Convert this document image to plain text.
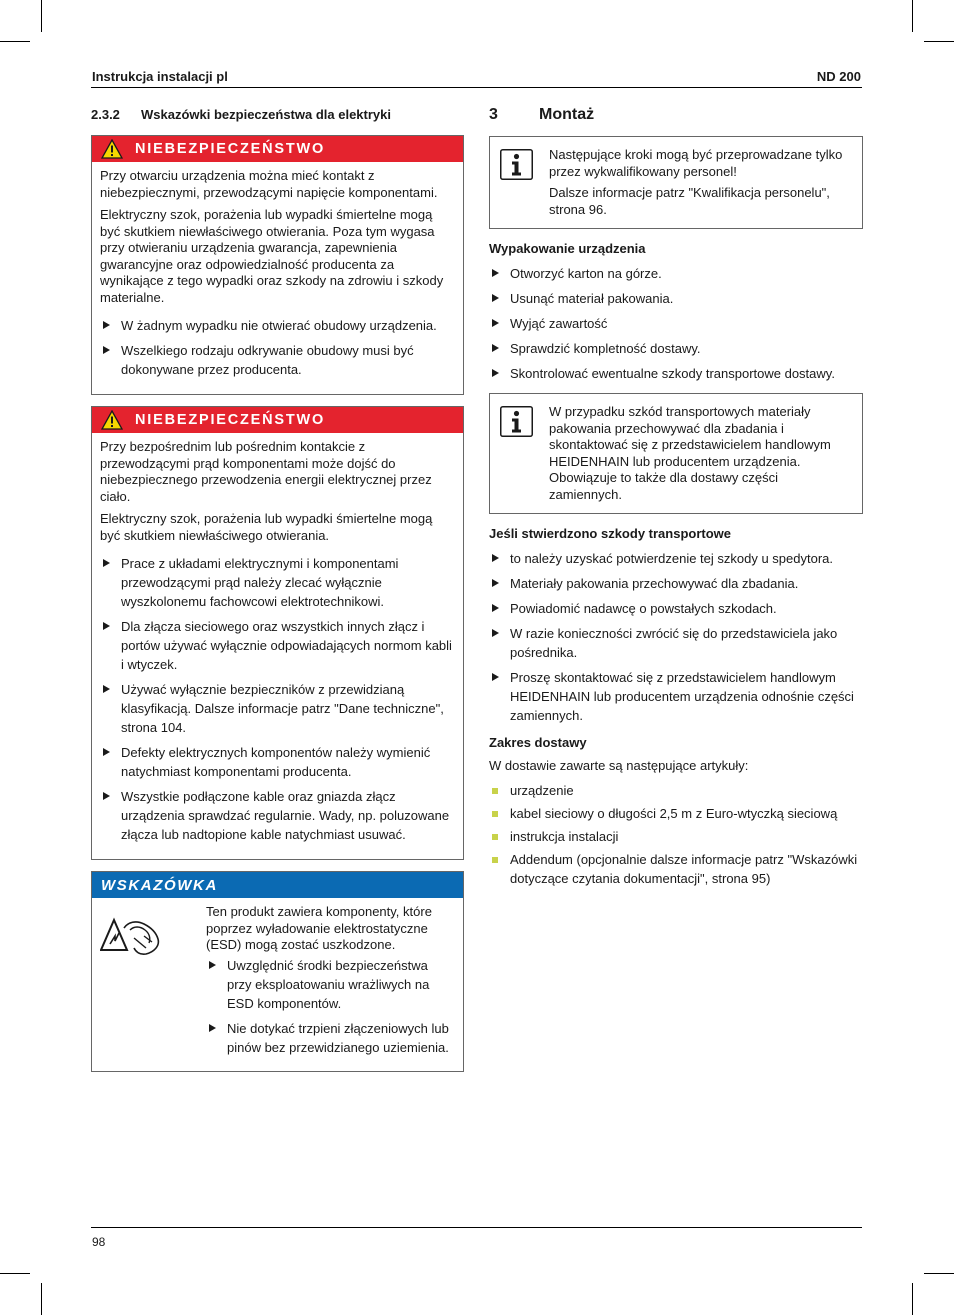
Instrukcja instalacji pl	ND 200
2.3.2 Wskazówki bezpieczeństwa dla elektryki
NIEBEZPIECZEŃSTWO

Przy otwarciu urządzenia można mieć kontakt z niebezpiecznymi, przewodzącymi napięcie komponentami.

Elektryczny szok, porażenia lub wypadki śmiertelne mogą być skutkiem niewłaściwego otwierania. Poza tym wygasa przy otwieraniu urządzenia gwarancja, zapewnienia gwarancyjne oraz odpowiedzialność producenta za wynikające z tego wypadki oraz szkody na zdrowiu i szkody materialne.

W żadnym wypadku nie otwierać obudowy urządzenia.
Wszelkiego rodzaju odkrywanie obudowy musi być dokonywane przez producenta.
NIEBEZPIECZEŃSTWO

Przy bezpośrednim lub pośrednim kontakcie z przewodzącymi prąd komponentami może dojść do niebezpiecznego przewodzenia energii elektrycznej przez ciało.

Elektryczny szok, porażenia lub wypadki śmiertelne mogą być skutkiem niewłaściwego otwierania.

Prace z układami elektrycznymi i komponentami przewodzącymi prąd należy zlecać wyłącznie wyszkolonemu fachowcowi elektrotechnikowi.
Dla złącza sieciowego oraz wszystkich innych złącz i portów używać wyłącznie odpowiadających normom kabli i wtyczek.
Używać wyłącznie bezpieczników z przewidzianą klasyfikacją. Dalsze informacje patrz "Dane techniczne", strona 104.
Defekty elektrycznych komponentów należy wymienić natychmiast komponentami producenta.
Wszystkie podłączone kable oraz gniazda złącz urządzenia sprawdzać regularnie. Wady, np. poluzowane złącza lub nadtopione kable natychmiast usuwać.
WSKAZÓWKA

Ten produkt zawiera komponenty, które poprzez wyładowanie elektrostatyczne (ESD) mogą zostać uszkodzone.

Uwzględnić środki bezpieczeństwa przy eksploatowaniu wrażliwych na ESD komponentów.
Nie dotykać trzpieni złączeniowych lub pinów bez przewidzianego uziemienia.
3	Montaż

Następujące kroki mogą być przeprowadzane tylko przez wykwalifikowany personel!

Dalsze informacje patrz "Kwalifikacja personelu", strona 96.

Wypakowanie urządzenia
Otworzyć karton na górze.
Usunąć materiał pakowania.
Wyjąć zawartość
Sprawdzić kompletność dostawy.
Skontrolować ewentualne szkody transportowe dostawy.

W przypadku szkód transportowych materiały pakowania przechowywać dla zbadania i skontaktować się z przedstawicielem handlowym HEIDENHAIN lub producentem urządzenia. Obowiązuje to także dla dostawy części zamiennych.

Jeśli stwierdzono szkody transportowe
to należy uzyskać potwierdzenie tej szkody u spedytora.
Materiały pakowania przechowywać dla zbadania.
Powiadomić nadawcę o powstałych szkodach.
W razie konieczności zwrócić się do przedstawiciela jako pośrednika.
Proszę skontaktować się z przedstawicielem handlowym HEIDENHAIN lub producentem urządzenia odnośnie części zamiennych.
Zakres dostawy
W dostawie zawarte są następujące artykuły:
urządzenie
kabel sieciowy o długości 2,5 m z Euro-wtyczką sieciową
instrukcja instalacji
Addendum (opcjonalnie dalsze informacje patrz "Wskazówki dotyczące czytania dokumentacji", strona 95)
98
